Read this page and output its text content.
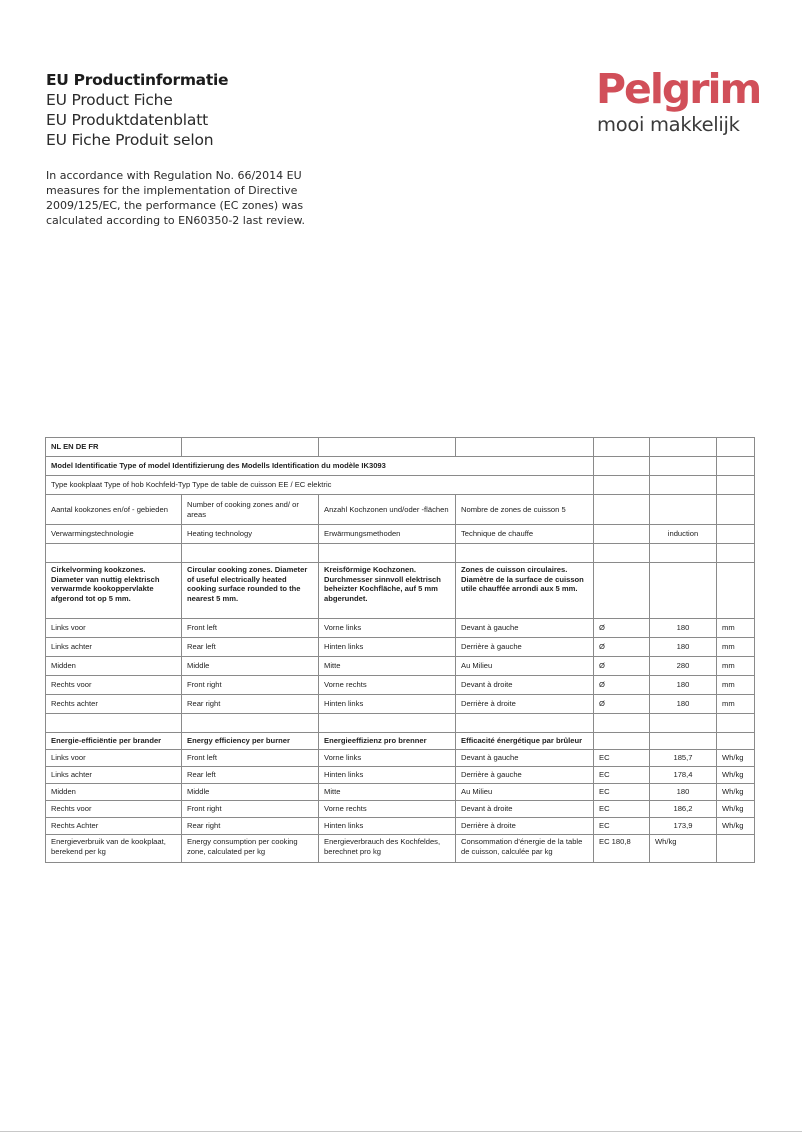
EU Productinformatie
EU Product Fiche
EU Produktdatenblatt
EU Fiche Produit selon
In accordance with Regulation No. 66/2014 EU measures for the implementation of Directive 2009/125/EC, the performance (EC zones) was calculated according to EN60350-2 last review.
Pelgrim
mooi makkelijk
NL EN DE FR						
Model Identificatie Type of model Identifizierung des Modells Identification du modèle IK3093						
Type kookplaat Type of hob Kochfeld-Typ Type de table de cuisson EE / EC elektric						
Aantal kookzones en/of - gebieden	Number of cooking zones and/ or areas	Anzahl Kochzonen und/oder -flächen	Nombre de zones de cuisson 5			
Verwarmingstechnologie	Heating technology	Erwärmungsmethoden	Technique de chauffe		induction	

Cirkelvorming kookzones. Diameter van nuttig elektrisch verwarmde kookoppervlakte afgerond tot op 5 mm.	Circular cooking zones. Diameter of useful electrically heated cooking surface rounded to the nearest 5 mm.	Kreisförmige Kochzonen. Durchmesser sinnvoll elektrisch beheizter Kochfläche, auf 5 mm abgerundet.	Zones de cuisson circulaires. Diamètre de la surface de cuisson utile chauffée arrondi aux 5 mm.			
Links voor	Front left	Vorne links	Devant à gauche	Ø	180	mm
Links achter	Rear left	Hinten links	Derrière à gauche	Ø	180	mm
Midden	Middle	Mitte	Au Milieu	Ø	280	mm
Rechts voor	Front right	Vorne rechts	Devant à droite	Ø	180	mm
Rechts achter	Rear right	Hinten links	Derrière à droite	Ø	180	mm

Energie-efficiëntie per brander	Energy efficiency per burner	Energieeffizienz pro brenner	Efficacité énergétique par brûleur			
Links voor	Front left	Vorne links	Devant à gauche	EC	185,7	Wh/kg
Links achter	Rear left	Hinten links	Derrière à gauche	EC	178,4	Wh/kg
Midden	Middle	Mitte	Au Milieu	EC	180	Wh/kg
Rechts voor	Front right	Vorne rechts	Devant à droite	EC	186,2	Wh/kg
Rechts Achter	Rear right	Hinten links	Derrière à droite	EC	173,9	Wh/kg
Energieverbruik van de kookplaat, berekend per kg	Energy consumption per cooking zone, calculated per kg	Energieverbrauch des Kochfeldes, berechnet pro kg	Consommation d'énergie de la table de cuisson, calculée par kg	EC 180,8	Wh/kg	
